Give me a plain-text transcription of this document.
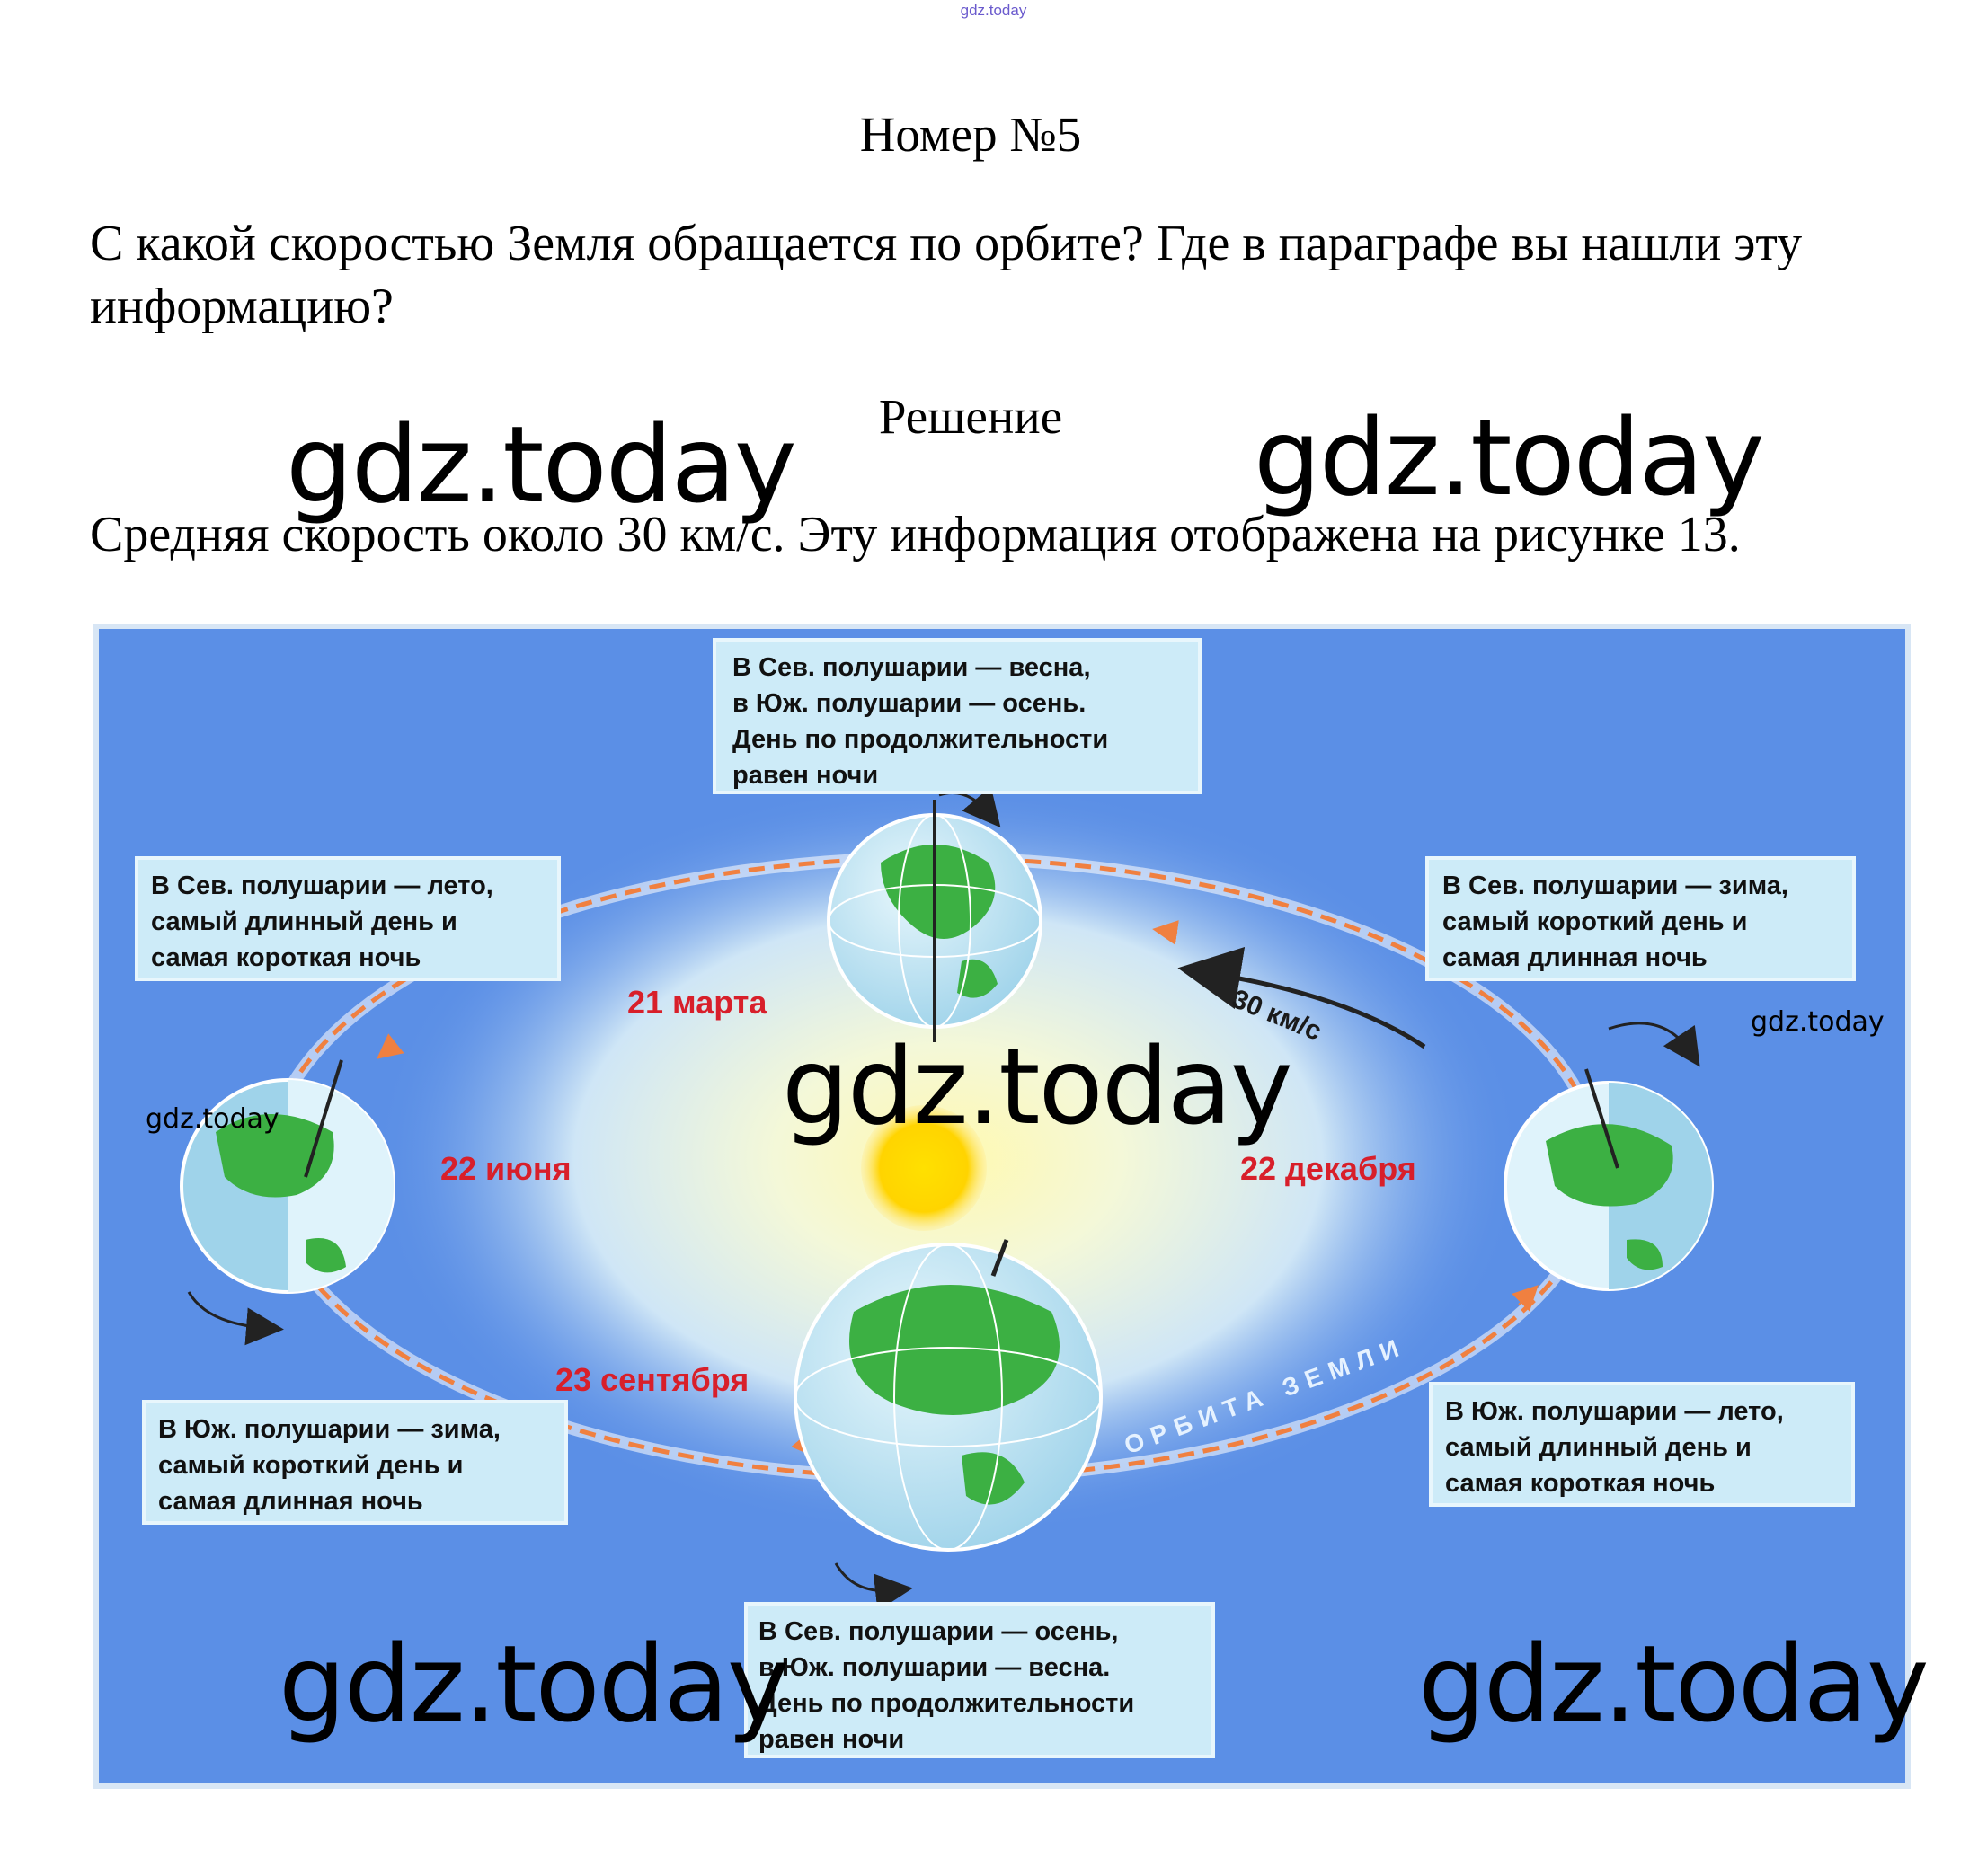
gdz.today
Номер №5
С какой скоростью Земля обращается по орбите? Где в параграфе вы нашли эту информацию?
Решение
Средняя скорость около 30 км/с. Эту информация отображена на рисунке 13.
gdz.today	gdz.today
gdz.today
gdz.today	gdz.today
gdz.today
gdz.today
30 км/с
ОРБИТА ЗЕМЛИ
21 марта
22 июня
23 сентября
22 декабря
В Сев. полушарии — весна, в Юж. полушарии — осень. День по продолжительности равен ночи
В Сев. полушарии — лето, самый длинный день и самая короткая ночь
В Сев. полушарии — зима, самый короткий день и самая длинная ночь
В Юж. полушарии — зима, самый короткий день и самая длинная ночь
В Юж. полушарии — лето, самый длинный день и самая короткая ночь
В Сев. полушарии — осень, в Юж. полушарии — весна. День по продолжительности равен ночи
